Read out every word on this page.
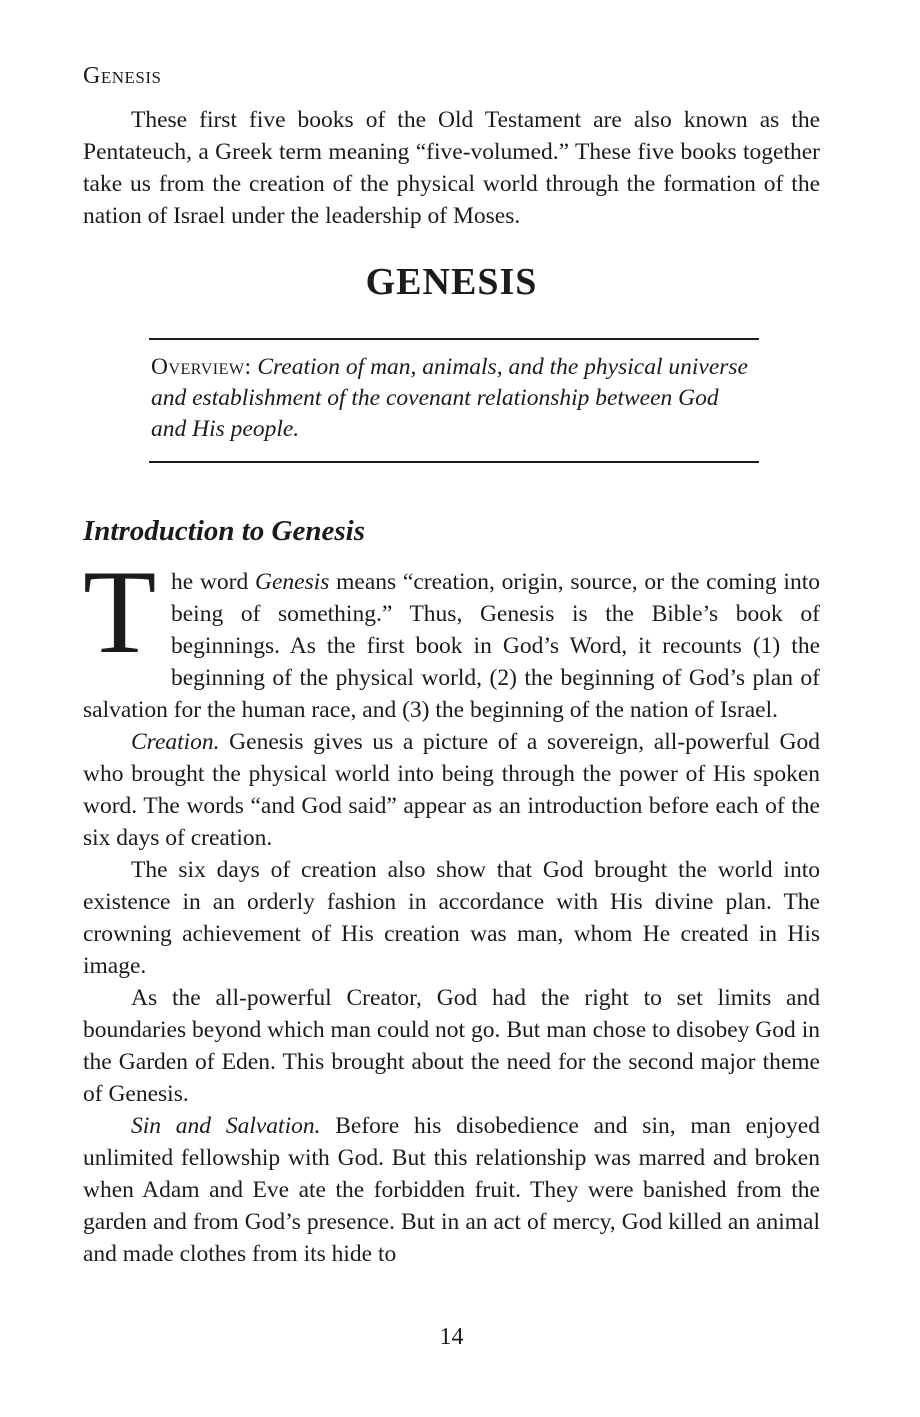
Genesis

These first five books of the Old Testament are also known as the Pentateuch, a Greek term meaning “five-volumed.” These five books together take us from the creation of the physical world through the formation of the nation of Israel under the leadership of Moses.

GENESIS
Overview: Creation of man, animals, and the physical universe and establishment of the covenant relationship between God and His people.
Introduction to Genesis

The word Genesis means “creation, origin, source, or the coming into being of something.” Thus, Genesis is the Bible’s book of beginnings. As the first book in God’s Word, it recounts (1) the beginning of the physical world, (2) the beginning of God’s plan of salvation for the human race, and (3) the beginning of the nation of Israel.

Creation. Genesis gives us a picture of a sovereign, all-powerful God who brought the physical world into being through the power of His spoken word. The words “and God said” appear as an introduction before each of the six days of creation.

The six days of creation also show that God brought the world into existence in an orderly fashion in accordance with His divine plan. The crowning achievement of His creation was man, whom He created in His image.

As the all-powerful Creator, God had the right to set limits and boundaries beyond which man could not go. But man chose to disobey God in the Garden of Eden. This brought about the need for the second major theme of Genesis.

Sin and Salvation. Before his disobedience and sin, man enjoyed unlimited fellowship with God. But this relationship was marred and broken when Adam and Eve ate the forbidden fruit. They were banished from the garden and from God’s presence. But in an act of mercy, God killed an animal and made clothes from its hide to

14
